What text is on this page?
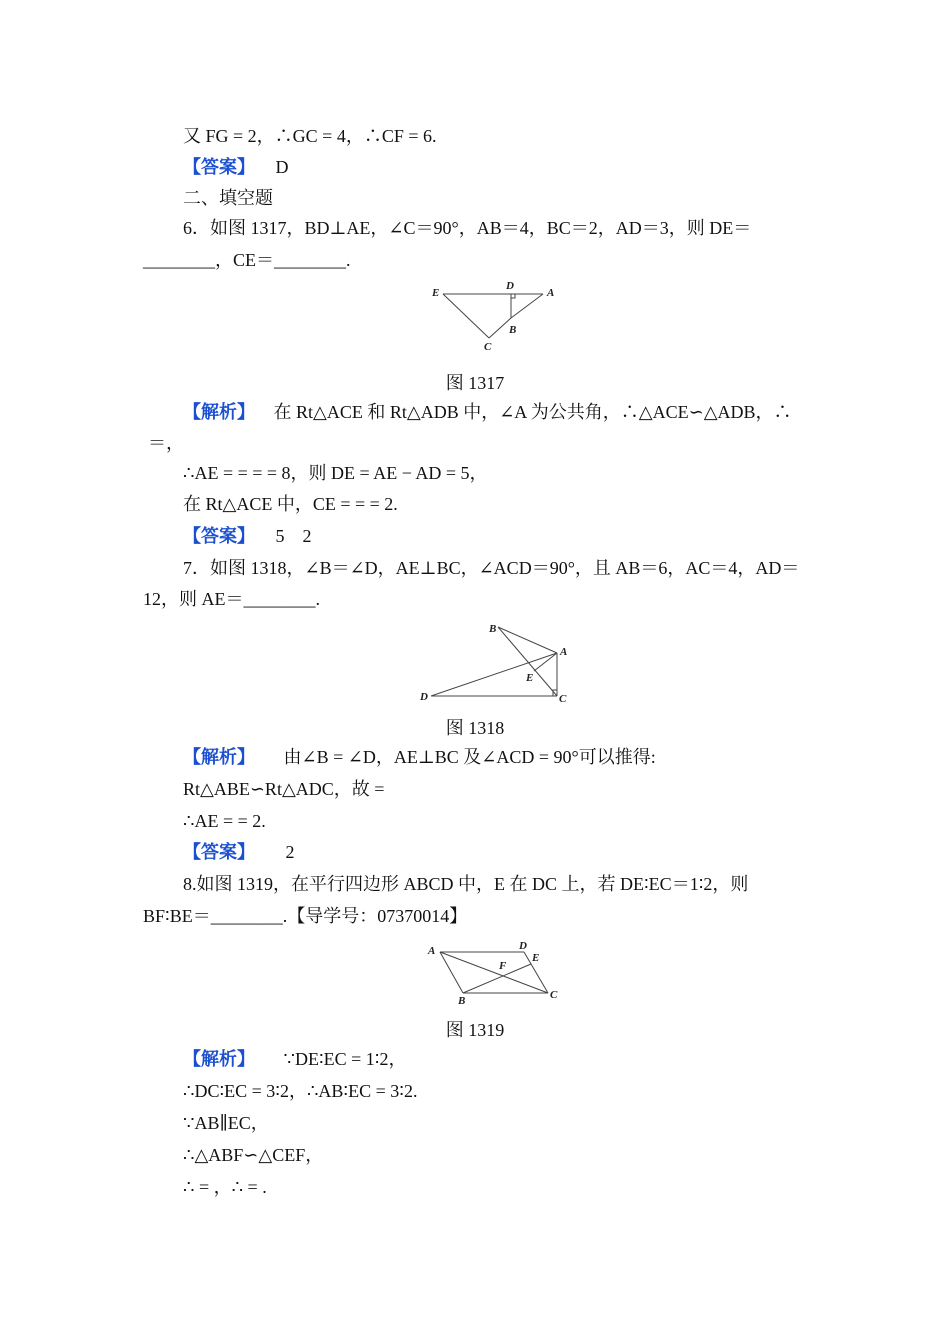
又 FG = 2，∴GC = 4，∴CF = 6.
【答案】 D
二、填空题
6．如图 1317，BD⊥AE，∠C＝90°，AB＝4，BC＝2，AD＝3，则 DE＝
________，CE＝________.
E
D
A
B
C
图 1317
【解析】 在 Rt△ACE 和 Rt△ADB 中，∠A 为公共角，∴△ACE∽△ADB，∴
＝，
∴AE = = = = 8，则 DE = AE − AD = 5，
在 Rt△ACE 中，CE = = = 2.
【答案】 5　2
7．如图 1318，∠B＝∠D，AE⊥BC，∠ACD＝90°，且 AB＝6，AC＝4，AD＝
12，则 AE＝________.
B
A
E
D	C
图 1318
【解析】 由∠B = ∠D，AE⊥BC 及∠ACD = 90°可以推得:
Rt△ABE∽Rt△ADC，故 =
∴AE = = 2.
【答案】 2
8.如图 1319，在平行四边形 ABCD 中，E 在 DC 上，若 DE∶EC＝1∶2，则
BF∶BE＝________.【导学号：07370014】
A	D
E
F
B	C
图 1319
【解析】 ∵DE∶EC = 1∶2，
∴DC∶EC = 3∶2，∴AB∶EC = 3∶2.
∵AB∥EC，
∴△ABF∽△CEF，
∴ = ，∴ = .
